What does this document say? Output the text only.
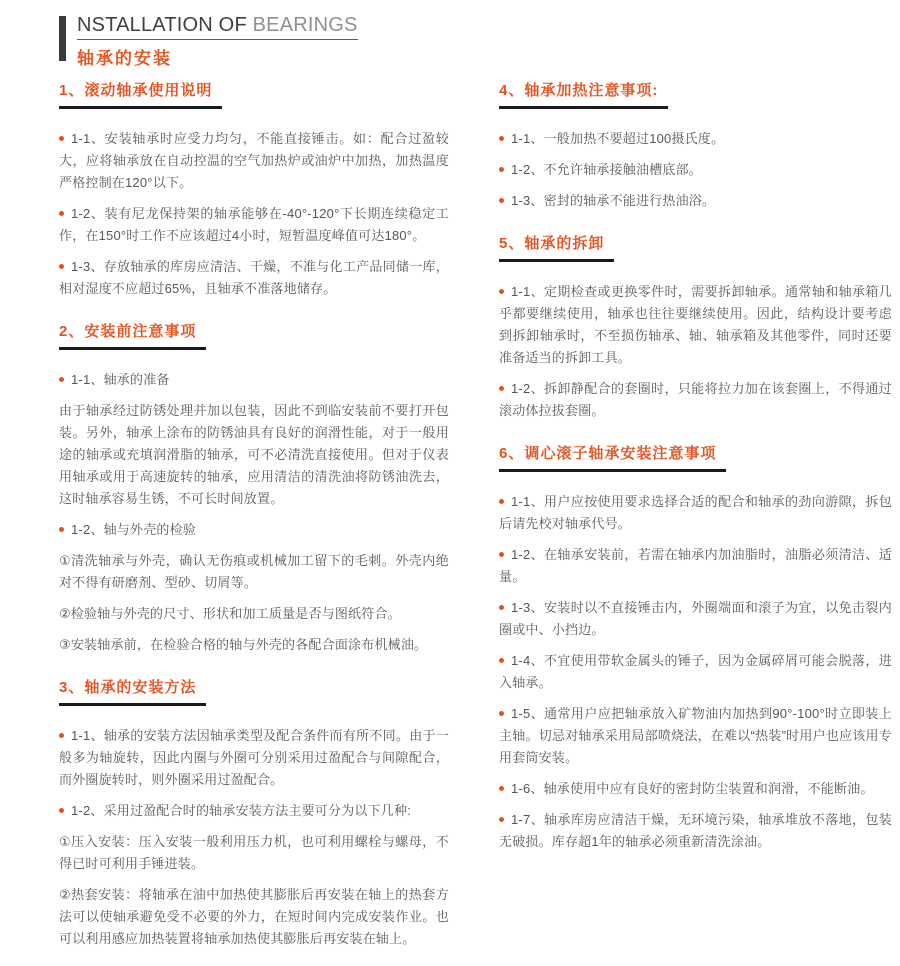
NSTALLATION OF BEARINGS
轴承的安装
1、滚动轴承使用说明

1-1、安装轴承时应受力均匀，不能直接锤击。如：配合过盈较大，应将轴承放在自动控温的空气加热炉或油炉中加热，加热温度严格控制在120°以下。

1-2、装有尼龙保持架的轴承能够在-40°-120°下长期连续稳定工作，在150°时工作不应该超过4小时，短暂温度峰值可达180°。

1-3、存放轴承的库房应清洁、干燥，不准与化工产品同储一库，相对湿度不应超过65%，且轴承不准落地储存。

2、安装前注意事项

1-1、轴承的准备

由于轴承经过防锈处理并加以包装，因此不到临安装前不要打开包装。另外，轴承上涂布的防锈油具有良好的润滑性能，对于一般用途的轴承或充填润滑脂的轴承，可不必清洗直接使用。但对于仪表用轴承或用于高速旋转的轴承，应用清洁的清洗油将防锈油洗去，这时轴承容易生锈，不可长时间放置。

1-2、轴与外壳的检验

①清洗轴承与外壳，确认无伤痕或机械加工留下的毛刺。外壳内绝对不得有研磨剂、型砂、切屑等。

②检验轴与外壳的尺寸、形状和加工质量是否与图纸符合。

③安装轴承前，在检验合格的轴与外壳的各配合面涂布机械油。

3、轴承的安装方法

1-1、轴承的安装方法因轴承类型及配合条件而有所不同。由于一般多为轴旋转，因此内圈与外圈可分别采用过盈配合与间隙配合，而外圈旋转时，则外圈采用过盈配合。

1-2、采用过盈配合时的轴承安装方法主要可分为以下几种:

①压入安装：压入安装一般利用压力机，也可利用螺栓与螺母，不得已时可利用手锤进装。

②热套安装：将轴承在油中加热使其膨胀后再安装在轴上的热套方法可以使轴承避免受不必要的外力，在短时间内完成安装作业。也可以利用感应加热装置将轴承加热使其膨胀后再安装在轴上。

4、轴承加热注意事项:

1-1、一般加热不要超过100摄氏度。

1-2、不允许轴承接触油槽底部。

1-3、密封的轴承不能进行热油浴。

5、轴承的拆卸

1-1、定期检查或更换零件时，需要拆卸轴承。通常轴和轴承箱几乎都要继续使用，轴承也往往要继续使用。因此，结构设计要考虑到拆卸轴承时，不至损伤轴承、轴、轴承箱及其他零件，同时还要准备适当的拆卸工具。

1-2、拆卸静配合的套圈时，只能将拉力加在该套圈上，不得通过滚动体拉拔套圈。

6、调心滚子轴承安装注意事项

1-1、用户应按使用要求选择合适的配合和轴承的劲向游隙，拆包后请先校对轴承代号。

1-2、在轴承安装前，若需在轴承内加油脂时，油脂必须清洁、适量。

1-3、安装时以不直接锤击内，外圈端面和滚子为宜，以免击裂内圈或中、小挡边。

1-4、不宜使用带软金属头的锤子，因为金属碎屑可能会脱落，进入轴承。

1-5、通常用户应把轴承放入矿物油内加热到90°-100°时立即装上主轴。切忌对轴承采用局部喷烧法，在难以“热装”时用户也应该用专用套筒安装。

1-6、轴承使用中应有良好的密封防尘装置和润滑，不能断油。

1-7、轴承库房应清洁干燥，无环境污染，轴承堆放不落地，包装无破损。库存超1年的轴承必须重新清洗涂油。
